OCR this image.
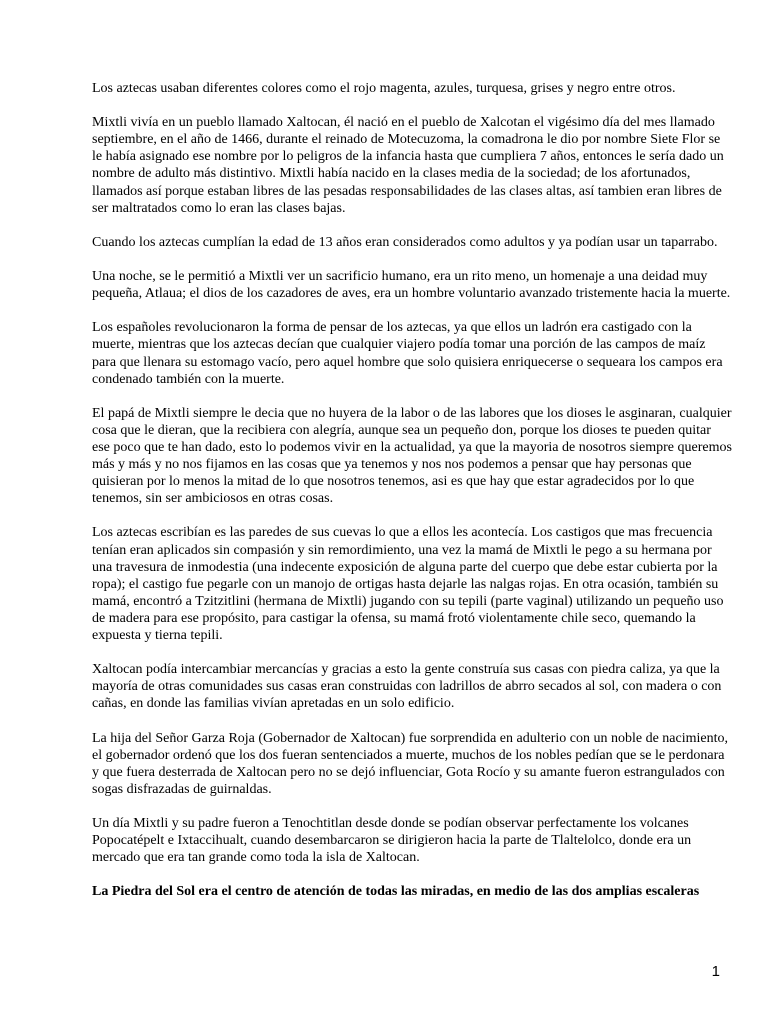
Los aztecas usaban diferentes colores como el rojo magenta, azules, turquesa, grises y negro entre otros.

Mixtli vivía en un pueblo llamado Xaltocan, él nació en el pueblo de Xalcotan el vigésimo día del mes llamado septiembre, en el año de 1466, durante el reinado de Motecuzoma, la comadrona le dio por nombre Siete Flor se le había asignado ese nombre por lo peligros de la infancia hasta que cumpliera 7 años, entonces le sería dado un nombre de adulto más distintivo. Mixtli había nacido en la clases media de la sociedad; de los afortunados, llamados así porque estaban libres de las pesadas responsabilidades de las clases altas, así tambien eran libres de ser maltratados como lo eran las clases bajas.

Cuando los aztecas cumplían la edad de 13 años eran considerados como adultos y ya podían usar un taparrabo.

Una noche, se le permitió a Mixtli ver un sacrificio humano, era un rito meno, un homenaje a una deidad muy pequeña, Atlaua; el dios de los cazadores de aves, era un hombre voluntario avanzado tristemente hacia la muerte.

Los españoles revolucionaron la forma de pensar de los aztecas, ya que ellos un ladrón era castigado con la muerte, mientras que los aztecas decían que cualquier viajero podía tomar una porción de las campos de maíz para que llenara su estomago vacío, pero aquel hombre que solo quisiera enriquecerse o sequeara los campos era condenado también con la muerte.

El papá de Mixtli siempre le decia que no huyera de la labor o de las labores que los dioses le asginaran, cualquier cosa que le dieran, que la recibiera con alegría, aunque sea un pequeño don, porque los dioses te pueden quitar ese poco que te han dado, esto lo podemos vivir en la actualidad, ya que la mayoria de nosotros siempre queremos más y más y no nos fijamos en las cosas que ya tenemos y nos nos podemos a pensar que hay personas que quisieran por lo menos la mitad de lo que nosotros tenemos, asi es que hay que estar agradecidos por lo que tenemos, sin ser ambiciosos en otras cosas.

Los aztecas escribían es las paredes de sus cuevas lo que a ellos les acontecía. Los castigos que mas frecuencia tenían eran aplicados sin compasión y sin remordimiento, una vez la mamá de Mixtli le pego a su hermana por una travesura de inmodestia (una indecente exposición de alguna parte del cuerpo que debe estar cubierta por la ropa); el castigo fue pegarle con un manojo de ortigas hasta dejarle las nalgas rojas. En otra ocasión, también su mamá, encontró a Tzitzitlini (hermana de Mixtli) jugando con su tepili (parte vaginal) utilizando un pequeño uso de madera para ese propósito, para castigar la ofensa, su mamá frotó violentamente chile seco, quemando la expuesta y tierna tepili.

Xaltocan podía intercambiar mercancías y gracias a esto la gente construía sus casas con piedra caliza, ya que la mayoría de otras comunidades sus casas eran construidas con ladrillos de abrro secados al sol, con madera o con cañas, en donde las familias vivían apretadas en un solo edificio.

La hija del Señor Garza Roja (Gobernador de Xaltocan) fue sorprendida en adulterio con un noble de nacimiento, el gobernador ordenó que los dos fueran sentenciados a muerte, muchos de los nobles pedían que se le perdonara y que fuera desterrada de Xaltocan pero no se dejó influenciar, Gota Rocío y su amante fueron estrangulados con sogas disfrazadas de guirnaldas.

Un día Mixtli y su padre fueron a Tenochtitlan desde donde se podían observar perfectamente los volcanes Popocatépelt e Ixtaccihualt, cuando desembarcaron se dirigieron hacia la parte de Tlaltelolco, donde era un mercado que era tan grande como toda la isla de Xaltocan.

La Piedra del Sol era el centro de atención de todas las miradas, en medio de las dos amplias escaleras

1
